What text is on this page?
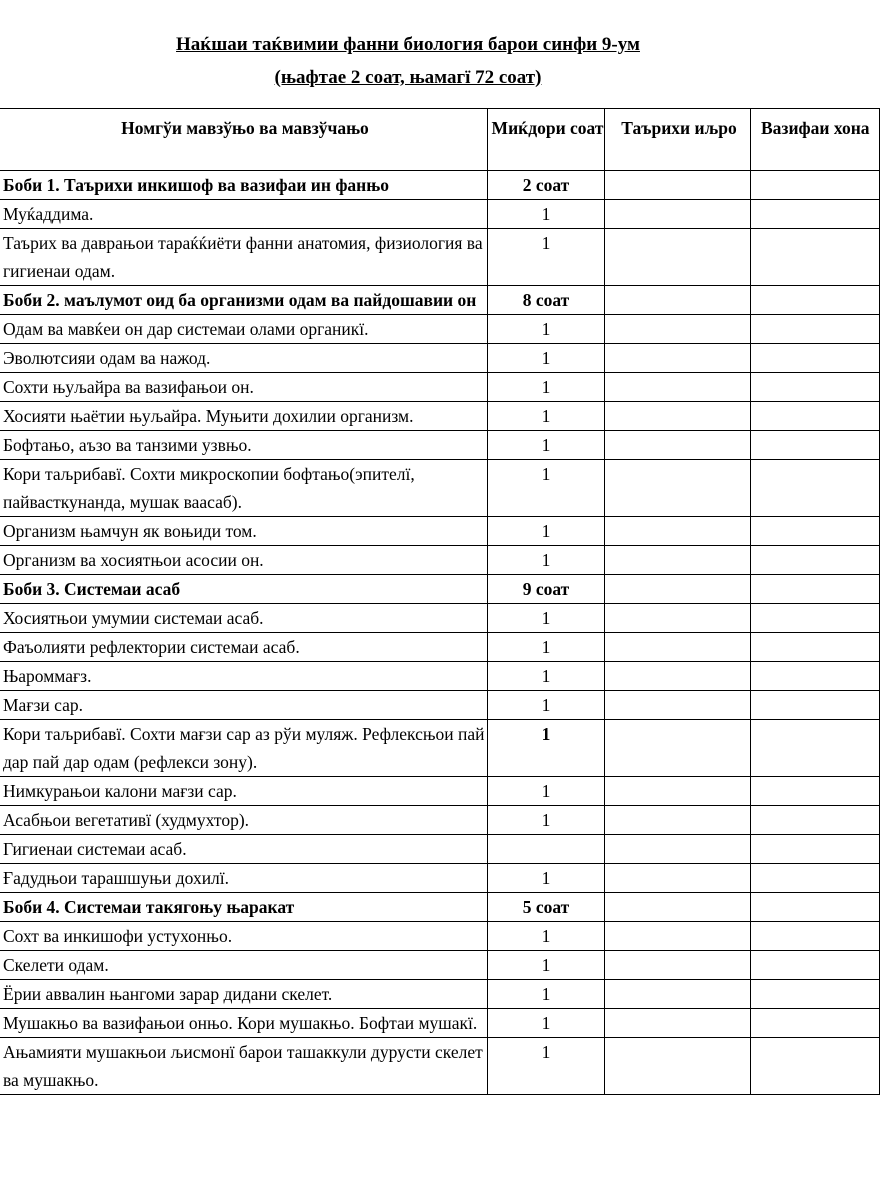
Наќшаи таќвимии фанни биология барои синфи 9-ум
(њафтае 2 соат, њамагї 72 соат)
Номгўи мавзўњо ва мавзўчањо	Миќдори соат	Таърихи иљро	Вазифаи хона
Боби 1. Таърихи инкишоф ва вазифаи ин фанњо	2 соат		
Муќаддима.	1		
Таърих ва даврањои тараќќиёти фанни анатомия, физиология ва гигиенаи одам.	1		
Боби 2. маълумот оид ба организми одам ва пайдошавии он	8 соат		
Одам ва мавќеи он дар системаи олами органикї.	1		
Эволютсияи одам ва нажод.	1		
Сохти њуљайра ва вазифањои он.	1		
Хосияти њаётии њуљайра. Муњити дохилии организм.	1		
Бофтањо, аъзо ва танзими узвњо.	1		
Кори таљрибавї. Сохти микроскопии бофтањо(эпителї, пайвасткунанда, мушак ваасаб).	1		
Организм њамчун як воњиди том.	1		
Организм ва хосиятњои асосии он.	1		
Боби 3. Системаи асаб	9 соат		
Хосиятњои умумии системаи асаб.	1		
Фаъолияти рефлектории системаи асаб.	1		
Њароммағз.	1		
Мағзи сар.	1		
Кори таљрибавї. Сохти мағзи сар аз рўи муляж. Рефлексњои пай дар пай дар одам (рефлекси зону).	1		
Нимкурањои калони мағзи сар.	1		
Асабњои вегетативї (худмухтор).	1		
Гигиенаи системаи асаб.			
Ғадудњои тарашшуњи дохилї.	1		
Боби 4. Системаи такягоњу њаракат	5 соат		
Сохт ва инкишофи устухонњо.	1		
Скелети одам.	1		
Ёрии аввалин њангоми зарар дидани скелет.	1		
Мушакњо ва вазифањои онњо. Кори мушакњо. Бофтаи мушакї.	1		
Ањамияти мушакњои љисмонї барои ташаккули дурусти скелет ва мушакњо.	1		
